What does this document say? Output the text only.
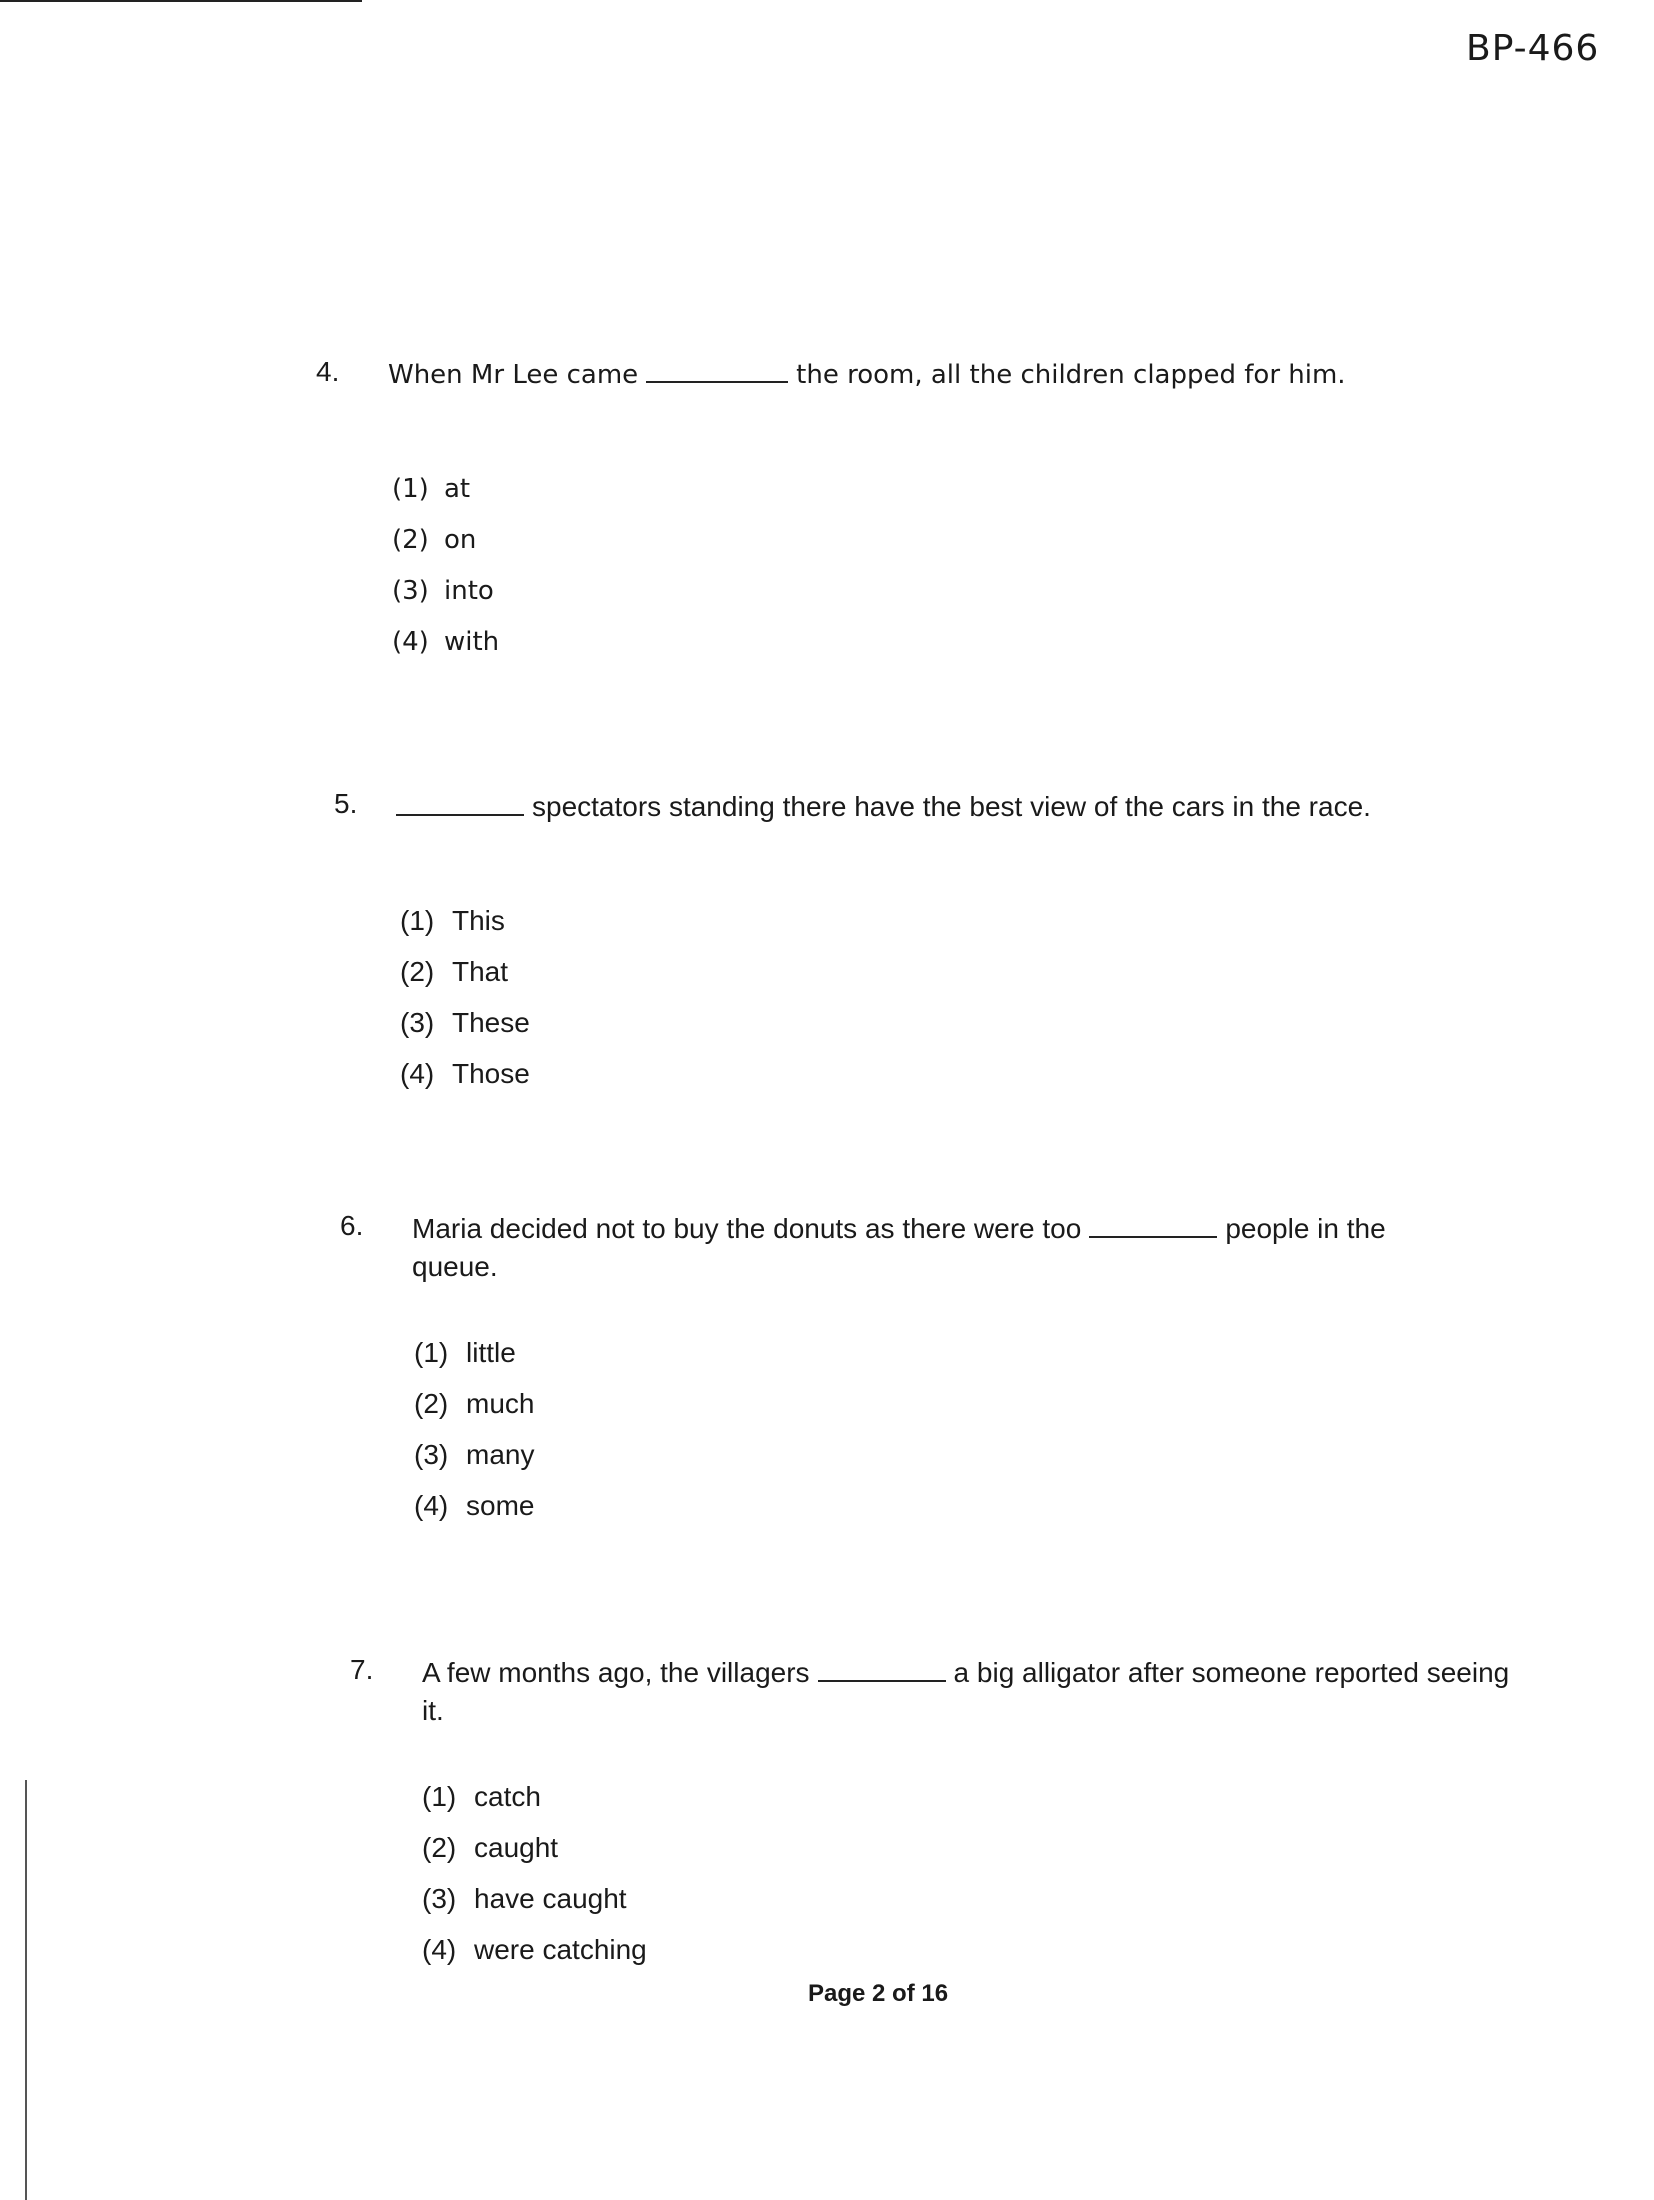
BP-466
4. When Mr Lee came	the room, all the children clapped for him.
(1) at
(2) on
(3) into
(4) with
5.	spectators standing there have the best view of the cars in the race.
(1) This
(2) That
(3) These
(4) Those
6. Maria decided not to buy the donuts as there were too	people in the
queue.
(1) little
(2) much
(3) many
(4) some
7. A few months ago, the villagers	a big alligator after someone reported seeing
it.
(1) catch
(2) caught
(3) have caught
(4) were catching
Page 2 of 16
